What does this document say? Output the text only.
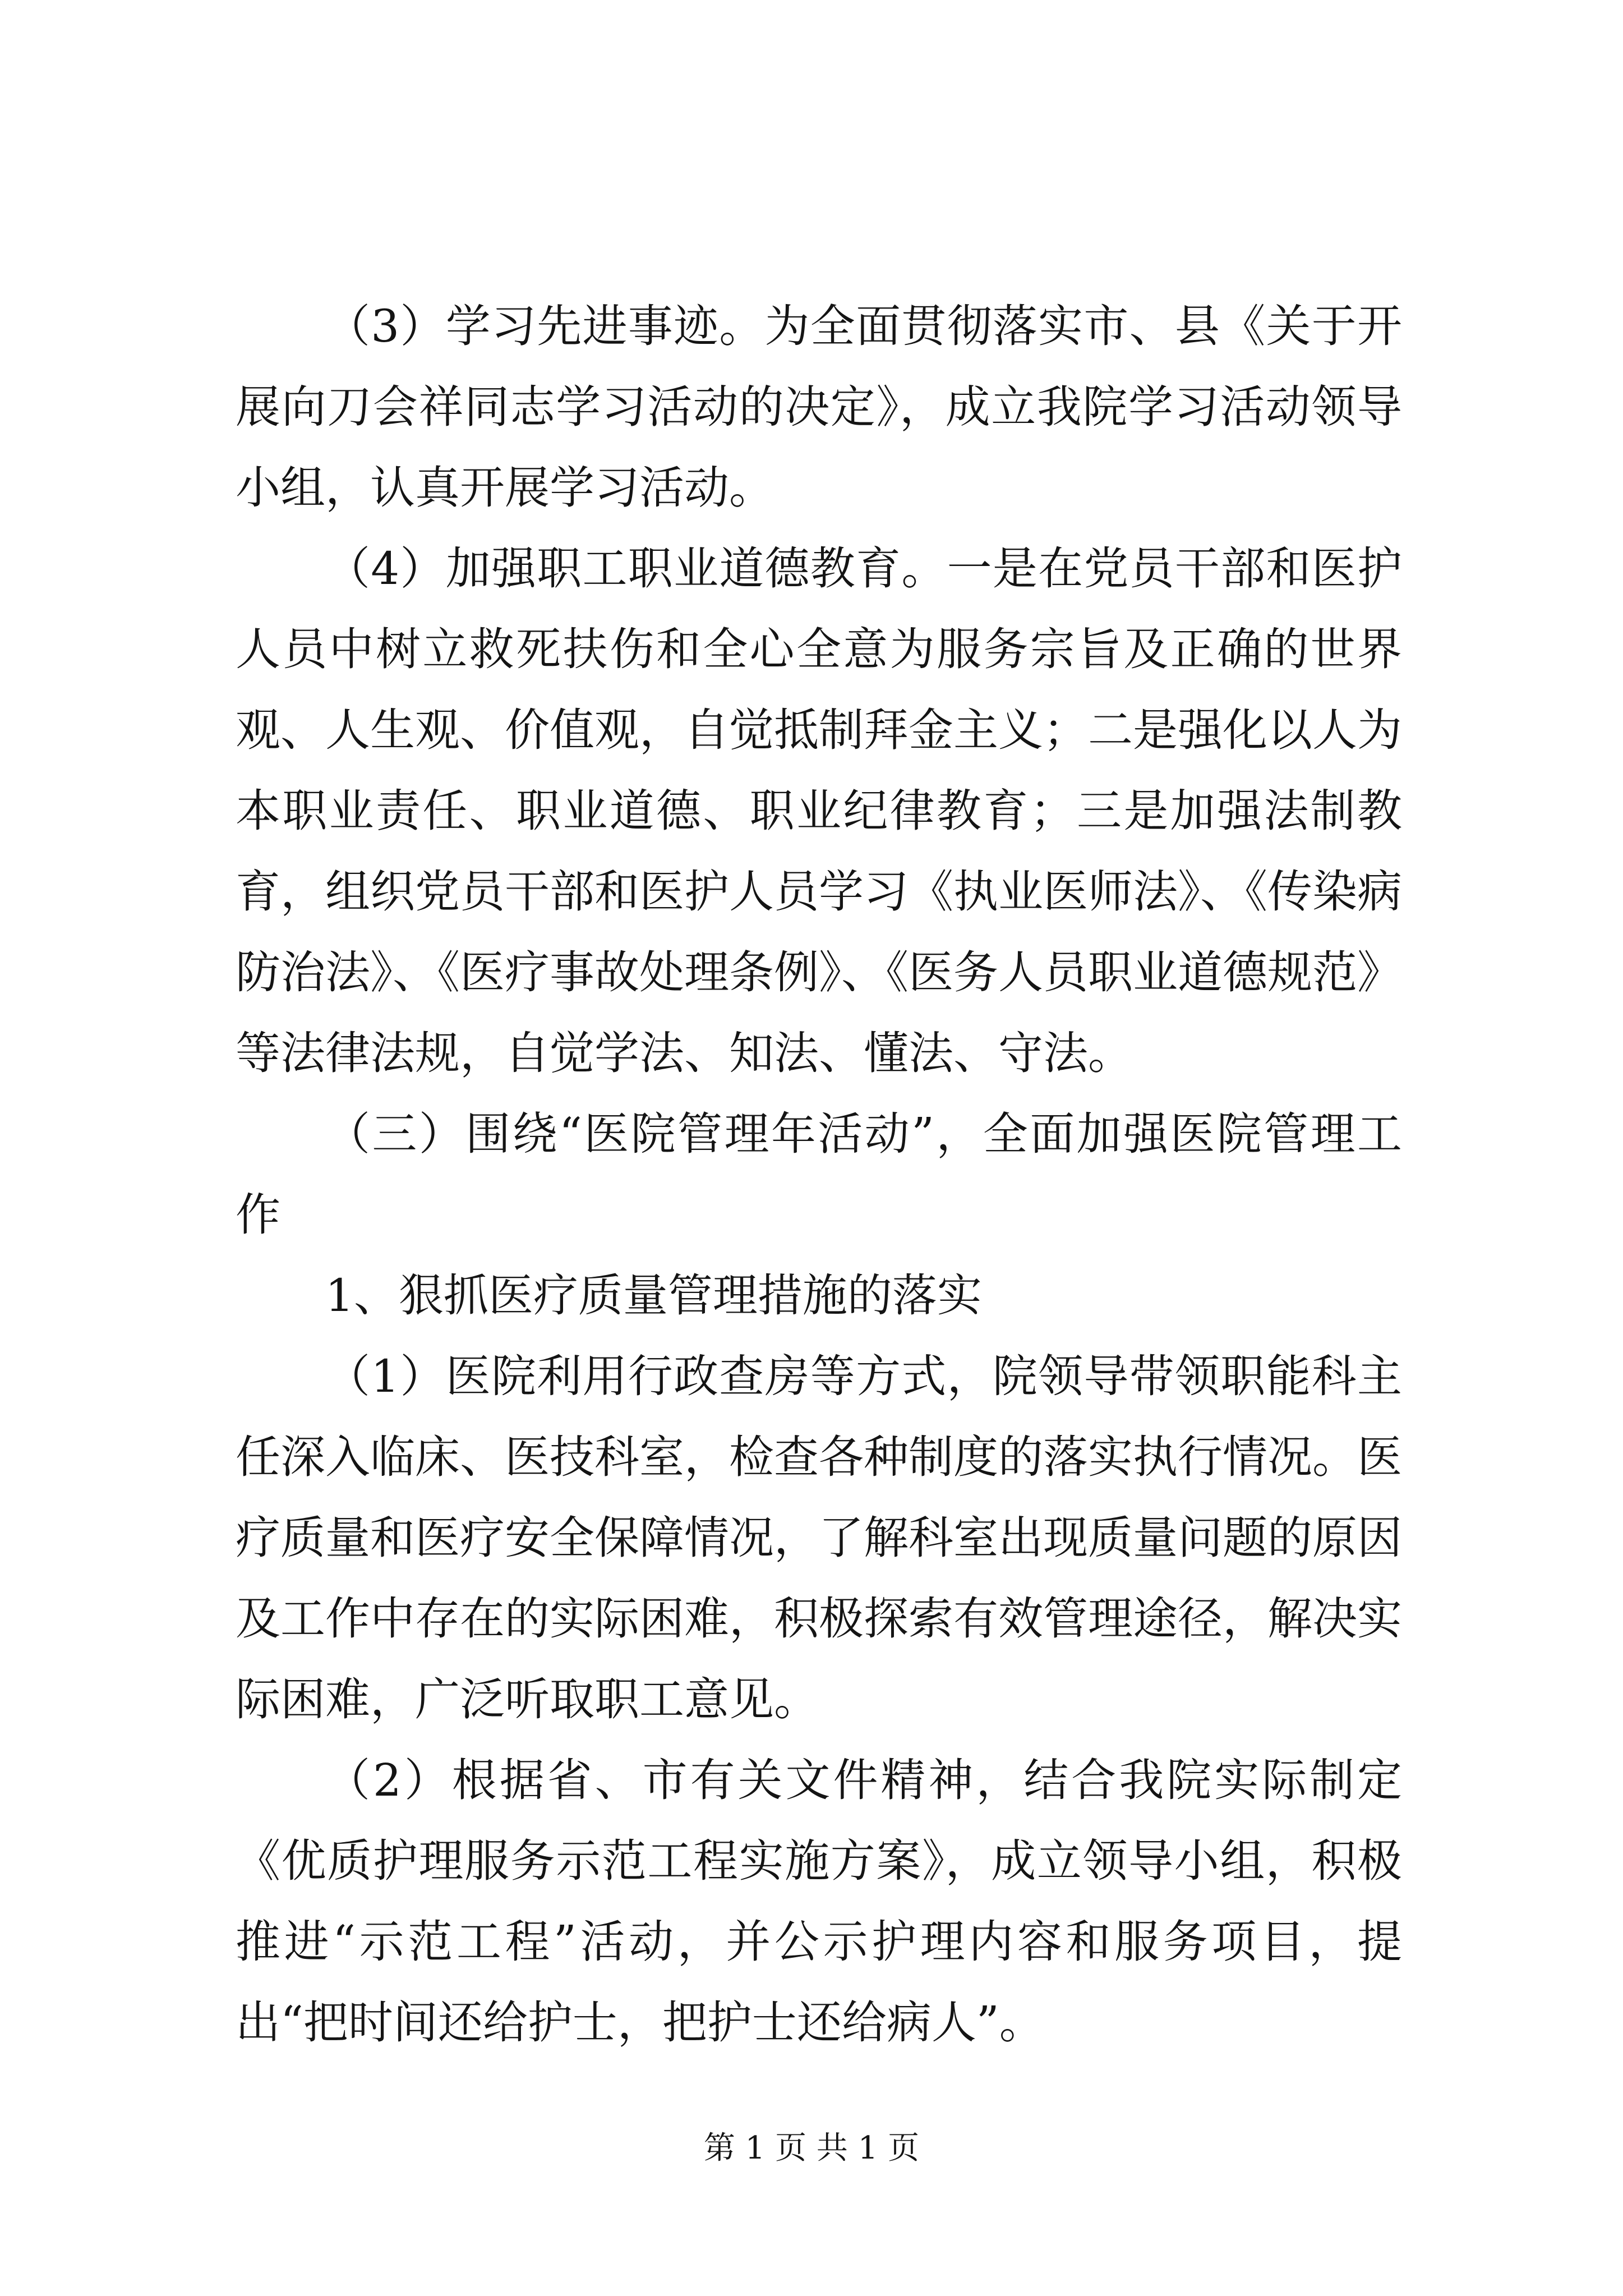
（3）学习先进事迹。为全面贯彻落实市、县《关于开展向刀会祥同志学习活动的决定》，成立我院学习活动领导小组，认真开展学习活动。

（4）加强职工职业道德教育。一是在党员干部和医护人员中树立救死扶伤和全心全意为服务宗旨及正确的世界观、人生观、价值观，自觉抵制拜金主义；二是强化以人为本职业责任、职业道德、职业纪律教育；三是加强法制教育，组织党员干部和医护人员学习《执业医师法》、《传染病防治法》、《医疗事故处理条例》、《医务人员职业道德规范》等法律法规，自觉学法、知法、懂法、守法。

（三）围绕“医院管理年活动”，全面加强医院管理工作

1、狠抓医疗质量管理措施的落实

（1）医院利用行政查房等方式，院领导带领职能科主任深入临床、医技科室，检查各种制度的落实执行情况。医疗质量和医疗安全保障情况，了解科室出现质量问题的原因及工作中存在的实际困难，积极探索有效管理途径，解决实际困难，广泛听取职工意见。

（2）根据省、市有关文件精神，结合我院实际制定《优质护理服务示范工程实施方案》，成立领导小组，积极推进“示范工程”活动，并公示护理内容和服务项目，提出“把时间还给护士，把护士还给病人”。

第 1 页 共 1 页
